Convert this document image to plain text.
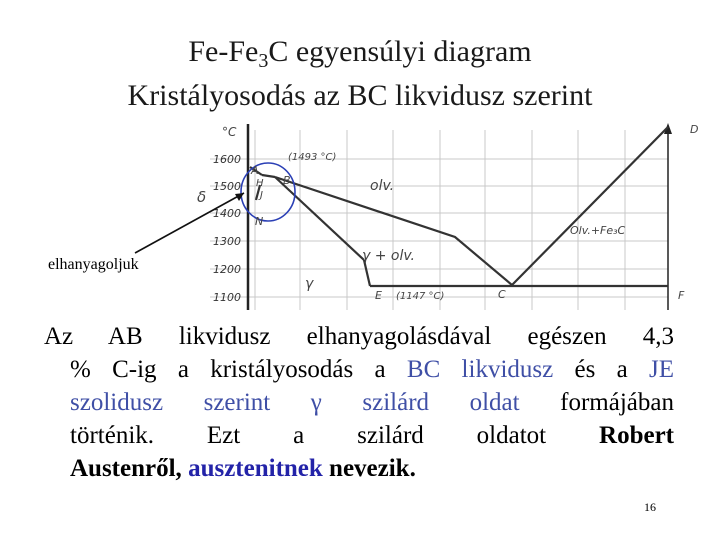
$Fe-Fe_3C$ egyensúlyi diagram
Kristályosodás az BC likvidusz szerint
1600
1500
1400
1300
1200
1100
°C
A
B
H
J
N
D
C
E	F
(1493 °C)
(1147 °C)
δ
olv.
Olv.+Fe₃C
γ + olv.
γ
elhanyagoljuk
Az AB likvidusz elhanyagolásdával egészen 4,3
% C-ig a kristályosodás a BC likvidusz és a JE
szolidusz szerint γ szilárd oldat formájában
történik. Ezt a szilárd oldatot Robert
Austenről, ausztenitnek nevezik.
16
